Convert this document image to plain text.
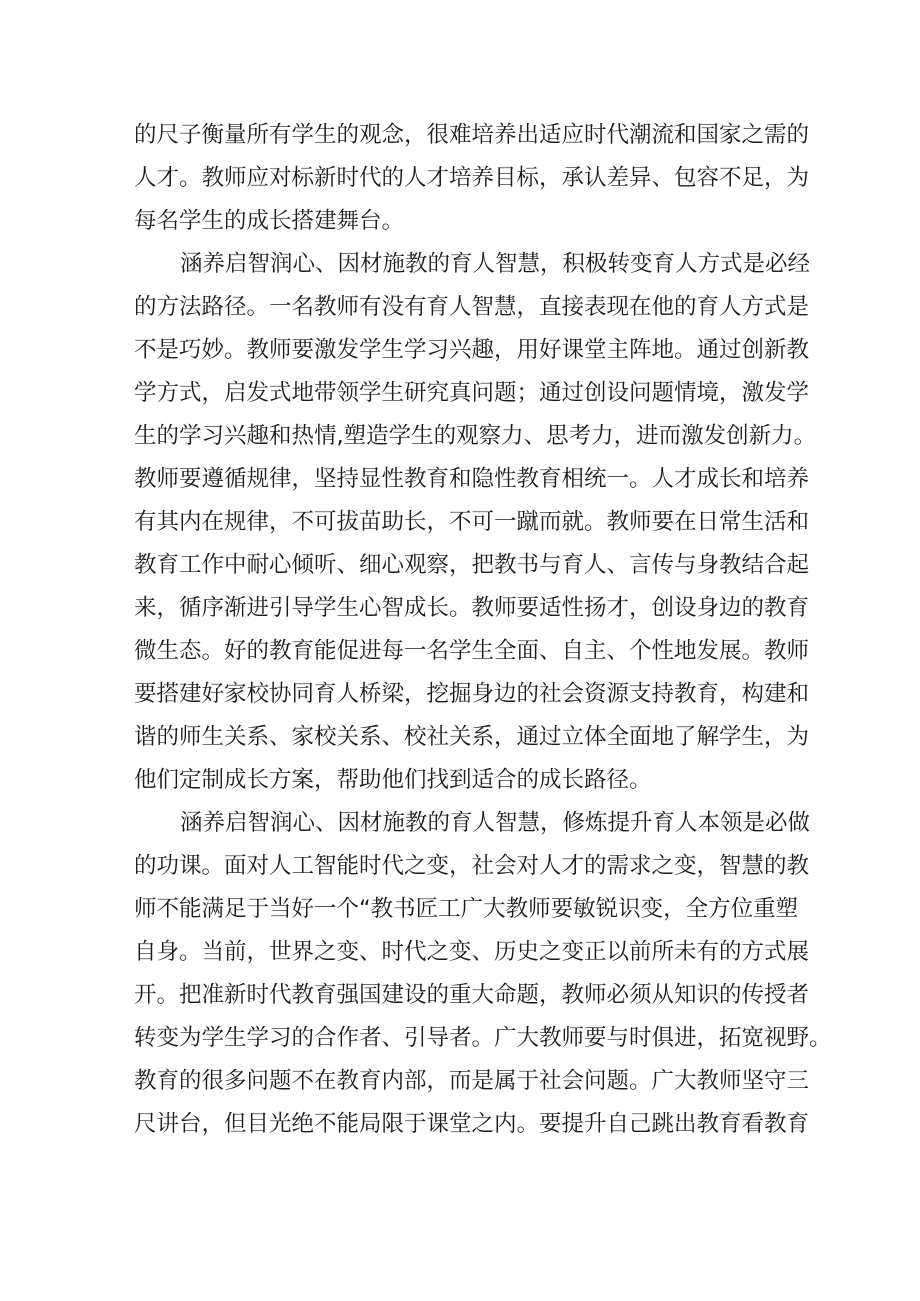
的尺子衡量所有学生的观念，很难培养出适应时代潮流和国家之需的
人才。教师应对标新时代的人才培养目标，承认差异、包容不足，为
每名学生的成长搭建舞台。
涵养启智润心、因材施教的育人智慧，积极转变育人方式是必经
的方法路径。一名教师有没有育人智慧，直接表现在他的育人方式是
不是巧妙。教师要激发学生学习兴趣，用好课堂主阵地。通过创新教
学方式，启发式地带领学生研究真问题；通过创设问题情境，激发学
生的学习兴趣和热情,塑造学生的观察力、思考力，进而激发创新力。
教师要遵循规律，坚持显性教育和隐性教育相统一。人才成长和培养
有其内在规律，不可拔苗助长，不可一蹴而就。教师要在日常生活和
教育工作中耐心倾听、细心观察，把教书与育人、言传与身教结合起
来，循序渐进引导学生心智成长。教师要适性扬才，创设身边的教育
微生态。好的教育能促进每一名学生全面、自主、个性地发展。教师
要搭建好家校协同育人桥梁，挖掘身边的社会资源支持教育，构建和
谐的师生关系、家校关系、校社关系，通过立体全面地了解学生，为
他们定制成长方案，帮助他们找到适合的成长路径。
涵养启智润心、因材施教的育人智慧，修炼提升育人本领是必做
的功课。面对人工智能时代之变，社会对人才的需求之变，智慧的教
师不能满足于当好一个“教书匠工广大教师要敏锐识变，全方位重塑
自身。当前，世界之变、时代之变、历史之变正以前所未有的方式展
开。把准新时代教育强国建设的重大命题，教师必须从知识的传授者
转变为学生学习的合作者、引导者。广大教师要与时俱进，拓宽视野。
教育的很多问题不在教育内部，而是属于社会问题。广大教师坚守三
尺讲台，但目光绝不能局限于课堂之内。要提升自己跳出教育看教育
